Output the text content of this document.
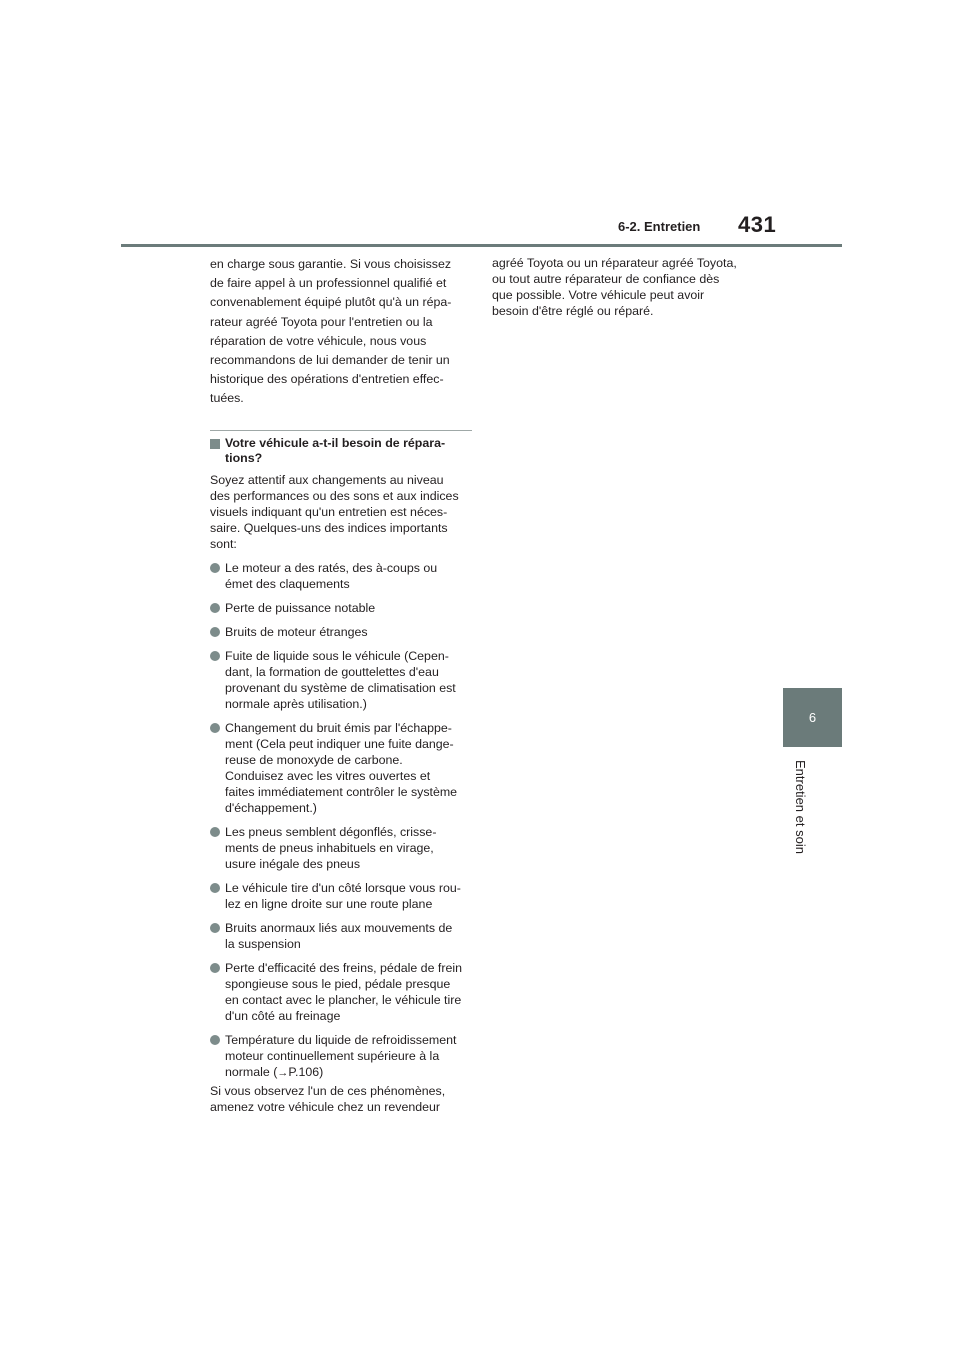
6-2. Entretien 431
6
Entretien et soin

en charge sous garantie. Si vous choisissez

de faire appel à un professionnel qualifié et

convenablement équipé plutôt qu'à un répa-

rateur agréé Toyota pour l'entretien ou la

réparation de votre véhicule, nous vous

recommandons de lui demander de tenir un

historique des opérations d'entretien effec-

tuées.

Votre véhicule a-t-il besoin de répara-
tions?

Soyez attentif aux changements au niveau
des performances ou des sons et aux indices
visuels indiquant qu'un entretien est néces-
saire. Quelques-uns des indices importants
sont:

Le moteur a des ratés, des à-coups ou
émet des claquements
Perte de puissance notable
Bruits de moteur étranges
Fuite de liquide sous le véhicule (Cepen-
dant, la formation de gouttelettes d'eau
provenant du système de climatisation est
normale après utilisation.)
Changement du bruit émis par l'échappe-
ment (Cela peut indiquer une fuite dange-
reuse de monoxyde de carbone.
Conduisez avec les vitres ouvertes et
faites immédiatement contrôler le système
d'échappement.)
Les pneus semblent dégonflés, crisse-
ments de pneus inhabituels en virage,
usure inégale des pneus
Le véhicule tire d'un côté lorsque vous rou-
lez en ligne droite sur une route plane
Bruits anormaux liés aux mouvements de
la suspension
Perte d'efficacité des freins, pédale de frein
spongieuse sous le pied, pédale presque
en contact avec le plancher, le véhicule tire
d'un côté au freinage
Température du liquide de refroidissement
moteur continuellement supérieure à la
normale (→P.106)

Si vous observez l'un de ces phénomènes,
amenez votre véhicule chez un revendeur

agréé Toyota ou un réparateur agréé Toyota,
ou tout autre réparateur de confiance dès
que possible. Votre véhicule peut avoir
besoin d'être réglé ou réparé.
